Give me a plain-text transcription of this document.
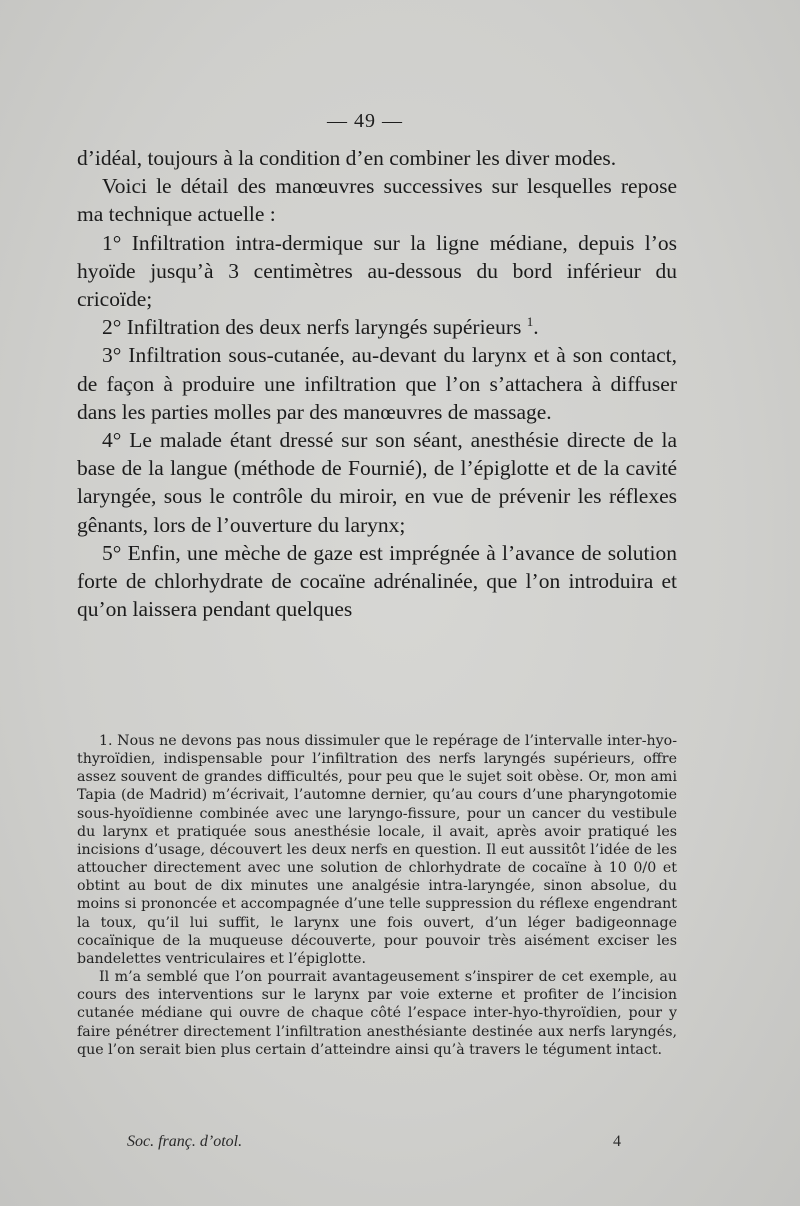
— 49 —

d’idéal, toujours à la condition d’en combiner les diver modes.

Voici le détail des manœuvres successives sur lesquelles repose ma technique actuelle :

1° Infiltration intra-dermique sur la ligne médiane, depuis l’os hyoïde jusqu’à 3 centimètres au-dessous du bord inférieur du cricoïde;

2° Infiltration des deux nerfs laryngés supérieurs $^1$.

3° Infiltration sous-cutanée, au-devant du larynx et à son contact, de façon à produire une infiltration que l’on s’attachera à diffuser dans les parties molles par des manœuvres de massage.

4° Le malade étant dressé sur son séant, anesthésie directe de la base de la langue (méthode de Fournié), de l’épiglotte et de la cavité laryngée, sous le contrôle du miroir, en vue de prévenir les réflexes gênants, lors de l’ouverture du larynx;

5° Enfin, une mèche de gaze est imprégnée à l’avance de solution forte de chlorhydrate de cocaïne adrénalinée, que l’on introduira et qu’on laissera pendant quelques

1. Nous ne devons pas nous dissimuler que le repérage de l’intervalle inter-hyo-thyroïdien, indispensable pour l’infiltration des nerfs laryngés supérieurs, offre assez souvent de grandes difficultés, pour peu que le sujet soit obèse. Or, mon ami Tapia (de Madrid) m’écrivait, l’automne dernier, qu’au cours d’une pharyngotomie sous-hyoïdienne combinée avec une laryngo-fissure, pour un cancer du vestibule du larynx et pratiquée sous anesthésie locale, il avait, après avoir pratiqué les incisions d’usage, découvert les deux nerfs en question. Il eut aussitôt l’idée de les attoucher directement avec une solution de chlorhydrate de cocaïne à 10 0/0 et obtint au bout de dix minutes une analgésie intra-laryngée, sinon absolue, du moins si prononcée et accompagnée d’une telle suppression du réflexe engendrant la toux, qu’il lui suffit, le larynx une fois ouvert, d’un léger badigeonnage cocaïnique de la muqueuse découverte, pour pouvoir très aisément exciser les bandelettes ventriculaires et l’épiglotte.

Il m’a semblé que l’on pourrait avantageusement s’inspirer de cet exemple, au cours des interventions sur le larynx par voie externe et profiter de l’incision cutanée médiane qui ouvre de chaque côté l’espace inter-hyo-thyroïdien, pour y faire pénétrer directement l’infiltration anesthésiante destinée aux nerfs laryngés, que l’on serait bien plus certain d’atteindre ainsi qu’à travers le tégument intact.

Soc. franç. d’otol.	4
